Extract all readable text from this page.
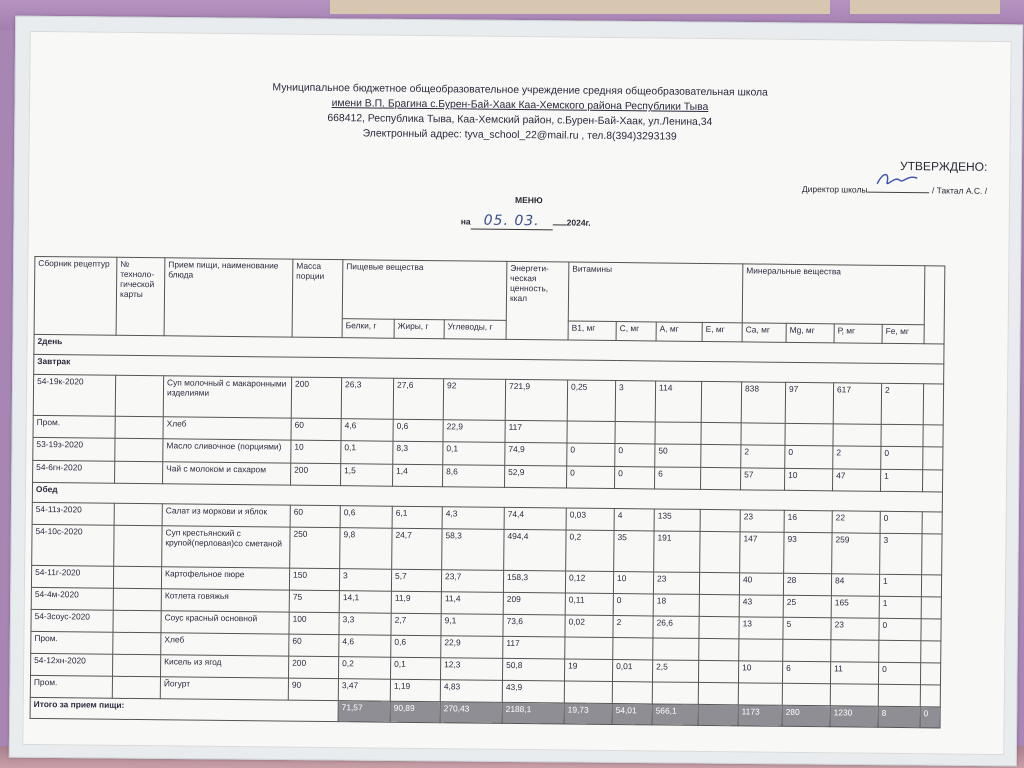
Муниципальное бюджетное общеобразовательное учреждение средняя общеобразовательная школа
имени В.П. Брагина с.Бурен-Бай-Хаак Каа-Хемского района Республики Тыва
668412, Республика Тыва, Каа-Хемский район, с.Бурен-Бай-Хаак, ул.Ленина,34
Электронный адрес: tyva_school_22@mail.ru , тел.8(394)3293139
УТВЕРЖДЕНО:
Директор школы	/ Тактал А.С. /
МЕНЮ
на 05. 03.	2024г.
Сборник рецептур	№ техноло-гической карты	Прием пищи, наименование блюда	Масса порции	Пищевые вещества			Энергети-ческая ценность, ккал	Витамины				Минеральные вещества				
				Белки, г	Жиры, г	Углеводы, г		В1, мг	С, мг	А, мг	Е, мг	Са, мг	Mg, мг	Р, мг	Fe, мг	
2день																
Завтрак																
54-19к-2020		Суп молочный с макаронными изделиями	200	26,3	27,6	92	721,9	0,25	3	114		838	97	617	2	
Пром.		Хлеб	60	4,6	0,6	22,9	117									
53-19з-2020		Масло сливочное (порциями)	10	0,1	8,3	0,1	74,9	0	0	50		2	0	2	0	
54-6гн-2020		Чай с молоком и сахаром	200	1,5	1,4	8,6	52,9	0	0	6		57	10	47	1	
Обед																
54-11з-2020		Салат из моркови и яблок	60	0,6	6,1	4,3	74,4	0,03	4	135		23	16	22	0	
54-10с-2020		Суп крестьянский с крупой(перловая)со сметаной	250	9,8	24,7	58,3	494,4	0,2	35	191		147	93	259	3	
54-11г-2020		Картофельное пюре	150	3	5,7	23,7	158,3	0,12	10	23		40	28	84	1	
54-4м-2020		Котлета говяжья	75	14,1	11,9	11,4	209	0,11	0	18		43	25	165	1	
54-3соус-2020		Соус красный основной	100	3,3	2,7	9,1	73,6	0,02	2	26,6		13	5	23	0	
Пром.		Хлеб	60	4,6	0,6	22,9	117									
54-12хн-2020		Кисель из ягод	200	0,2	0,1	12,3	50,8	19	0,01	2,5		10	6	11	0	
Пром.		Йогурт	90	3,47	1,19	4,83	43,9									
Итого за прием пищи:				71,57	90,89	270,43	2188,1	19,73	54,01	566,1		1173	280	1230	8	0
